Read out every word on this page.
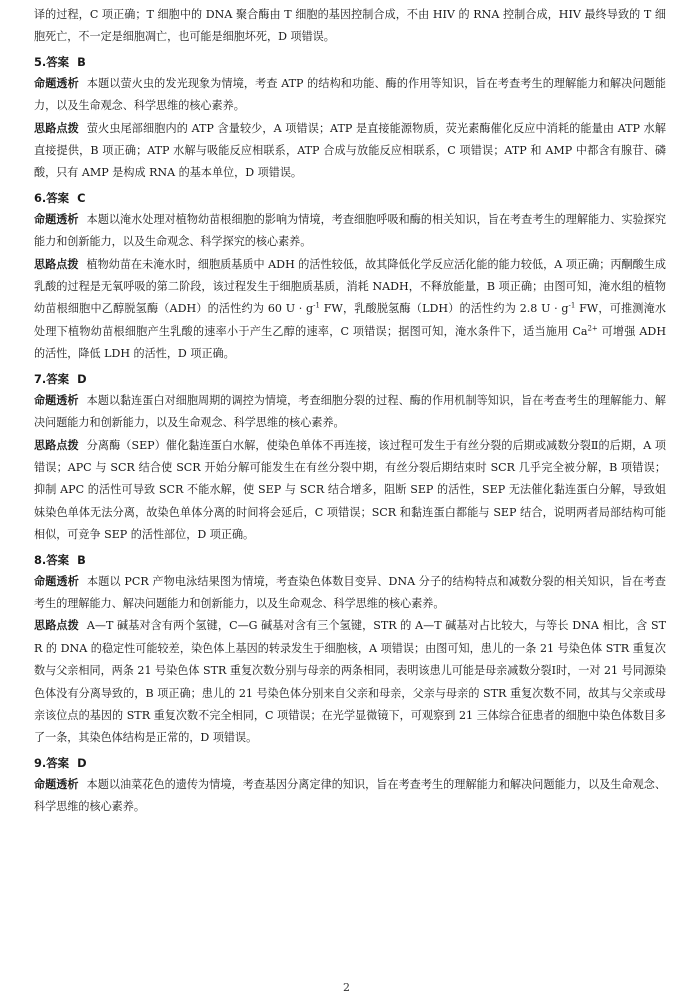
译的过程，C 项正确；T 细胞中的 DNA 聚合酶由 T 细胞的基因控制合成，不由 HIV 的 RNA 控制合成，HIV 最终导致的 T 细胞死亡，不一定是细胞凋亡，也可能是细胞坏死，D 项错误。

5.答案 B

命题透析 本题以萤火虫的发光现象为情境，考查 ATP 的结构和功能、酶的作用等知识，旨在考查考生的理解能力和解决问题能力，以及生命观念、科学思维的核心素养。

思路点拨 萤火虫尾部细胞内的 ATP 含量较少，A 项错误；ATP 是直接能源物质，荧光素酶催化反应中消耗的能量由 ATP 水解直接提供，B 项正确；ATP 水解与吸能反应相联系，ATP 合成与放能反应相联系，C 项错误；ATP 和 AMP 中都含有腺苷、磷酸，只有 AMP 是构成 RNA 的基本单位，D 项错误。

6.答案 C

命题透析 本题以淹水处理对植物幼苗根细胞的影响为情境，考查细胞呼吸和酶的相关知识，旨在考查考生的理解能力、实验探究能力和创新能力，以及生命观念、科学探究的核心素养。

思路点拨 植物幼苗在未淹水时，细胞质基质中 ADH 的活性较低，故其降低化学反应活化能的能力较低，A 项正确；丙酮酸生成乳酸的过程是无氧呼吸的第二阶段，该过程发生于细胞质基质，消耗 NADH，不释放能量，B 项正确；由图可知，淹水组的植物幼苗根细胞中乙醇脱氢酶（ADH）的活性约为 60 $U \cdot g^{-1}$ FW，乳酸脱氢酶（LDH）的活性约为 2.8 $U \cdot g^{-1}$ FW，可推测淹水处理下植物幼苗根细胞产生乳酸的速率小于产生乙醇的速率，C 项错误；据图可知，淹水条件下，适当施用 $Ca^{2+}$ 可增强 ADH 的活性，降低 LDH 的活性，D 项正确。

7.答案 D

命题透析 本题以黏连蛋白对细胞周期的调控为情境，考查细胞分裂的过程、酶的作用机制等知识，旨在考查考生的理解能力、解决问题能力和创新能力，以及生命观念、科学思维的核心素养。

思路点拨 分离酶（SEP）催化黏连蛋白水解，使染色单体不再连接，该过程可发生于有丝分裂的后期或减数分裂Ⅱ的后期，A 项错误；APC 与 SCR 结合使 SCR 开始分解可能发生在有丝分裂中期，有丝分裂后期结束时 SCR 几乎完全被分解，B 项错误；抑制 APC 的活性可导致 SCR 不能水解，使 SEP 与 SCR 结合增多，阻断 SEP 的活性，SEP 无法催化黏连蛋白分解，导致姐妹染色单体无法分离，故染色单体分离的时间将会延后，C 项错误；SCR 和黏连蛋白都能与 SEP 结合，说明两者局部结构可能相似，可竞争 SEP 的活性部位，D 项正确。

8.答案 B

命题透析 本题以 PCR 产物电泳结果图为情境，考查染色体数目变异、DNA 分子的结构特点和减数分裂的相关知识，旨在考查考生的理解能力、解决问题能力和创新能力，以及生命观念、科学思维的核心素养。

思路点拨 A—T 碱基对含有两个氢键，C—G 碱基对含有三个氢键，STR 的 A—T 碱基对占比较大，与等长 DNA 相比，含 STR 的 DNA 的稳定性可能较差，染色体上基因的转录发生于细胞核，A 项错误；由图可知，患儿的一条 21 号染色体 STR 重复次数与父亲相同，两条 21 号染色体 STR 重复次数分别与母亲的两条相同，表明该患儿可能是母亲减数分裂Ⅰ时，一对 21 号同源染色体没有分离导致的，B 项正确；患儿的 21 号染色体分别来自父亲和母亲，父亲与母亲的 STR 重复次数不同，故其与父亲或母亲该位点的基因的 STR 重复次数不完全相同，C 项错误；在光学显微镜下，可观察到 21 三体综合征患者的细胞中染色体数目多了一条，其染色体结构是正常的，D 项错误。

9.答案 D

命题透析 本题以油菜花色的遗传为情境，考查基因分离定律的知识，旨在考查考生的理解能力和解决问题能力，以及生命观念、科学思维的核心素养。

2
